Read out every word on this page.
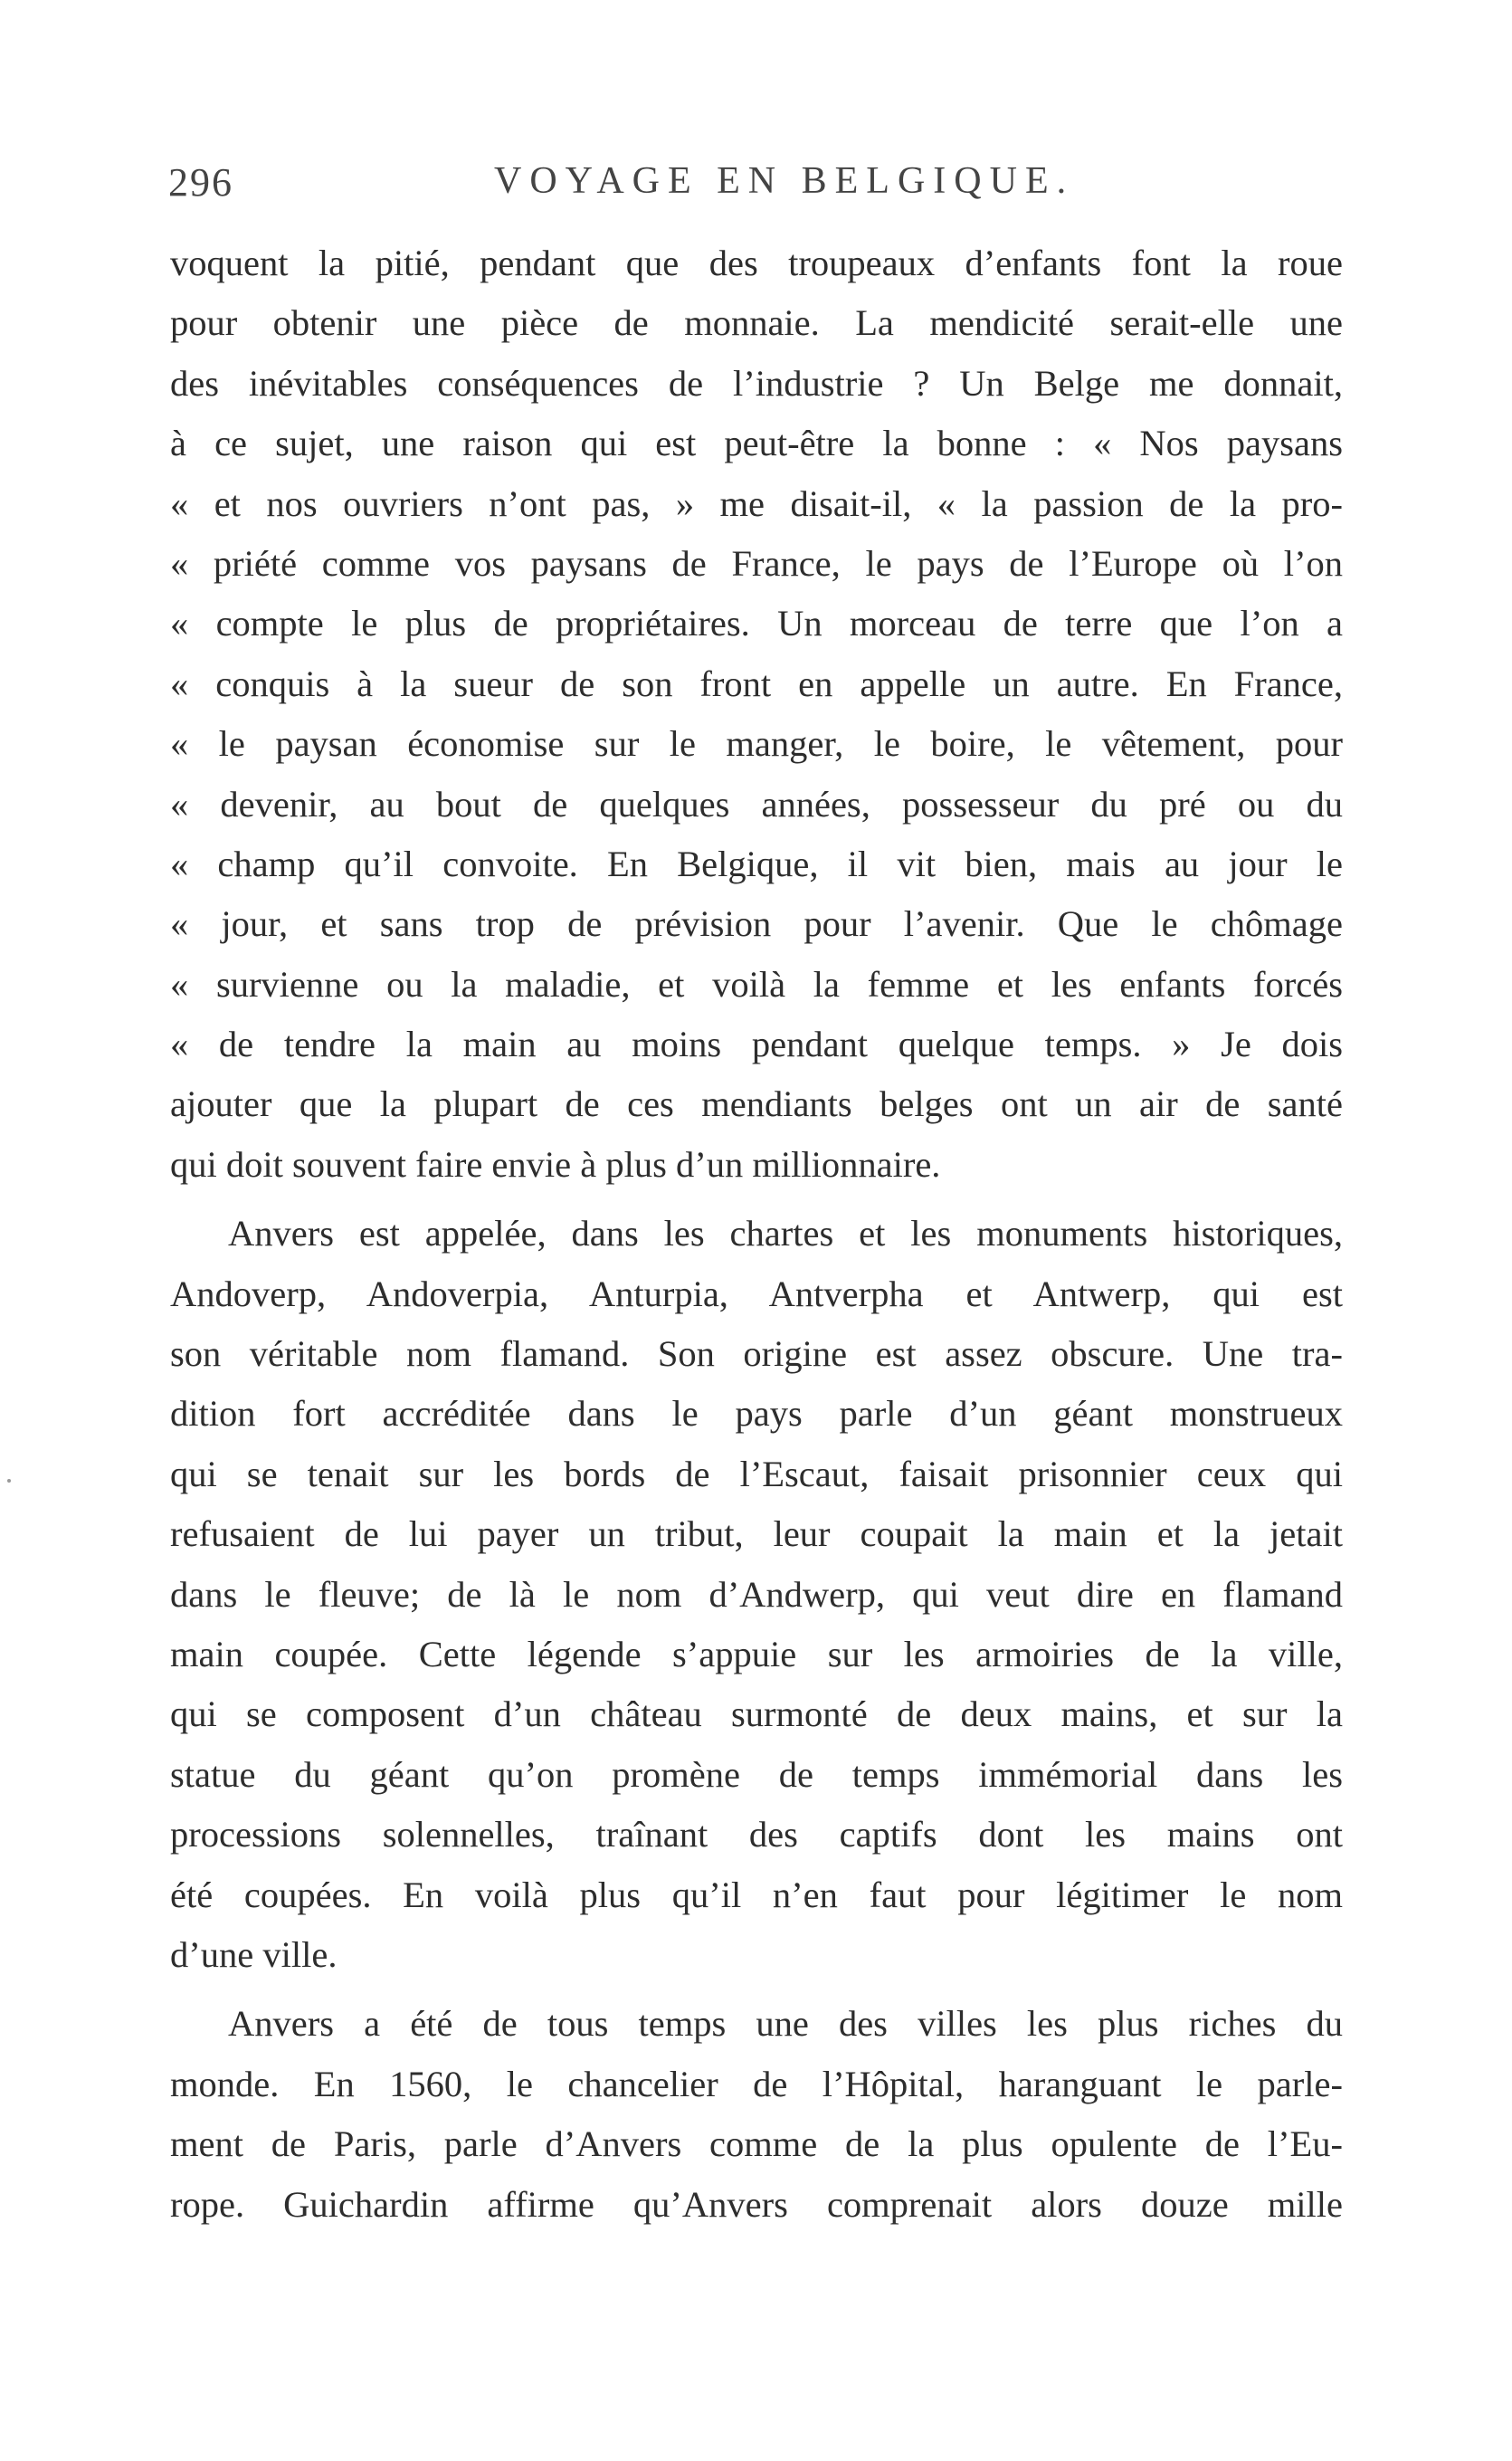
296	VOYAGE EN BELGIQUE.
voquent la pitié, pendant que des troupeaux d’enfants font la roue
pour obtenir une pièce de monnaie. La mendicité serait-elle une
des inévitables conséquences de l’industrie ? Un Belge me donnait,
à ce sujet, une raison qui est peut-être la bonne : « Nos paysans
« et nos ouvriers n’ont pas, » me disait-il, « la passion de la pro-
« priété comme vos paysans de France, le pays de l’Europe où l’on
« compte le plus de propriétaires. Un morceau de terre que l’on a
« conquis à la sueur de son front en appelle un autre. En France,
« le paysan économise sur le manger, le boire, le vêtement, pour
« devenir, au bout de quelques années, possesseur du pré ou du
« champ qu’il convoite. En Belgique, il vit bien, mais au jour le
« jour, et sans trop de prévision pour l’avenir. Que le chômage
« survienne ou la maladie, et voilà la femme et les enfants forcés
« de tendre la main au moins pendant quelque temps. » Je dois
ajouter que la plupart de ces mendiants belges ont un air de santé
qui doit souvent faire envie à plus d’un millionnaire.
Anvers est appelée, dans les chartes et les monuments historiques,
Andoverp, Andoverpia, Anturpia, Antverpha et Antwerp, qui est
son véritable nom flamand. Son origine est assez obscure. Une tra-
dition fort accréditée dans le pays parle d’un géant monstrueux
qui se tenait sur les bords de l’Escaut, faisait prisonnier ceux qui
refusaient de lui payer un tribut, leur coupait la main et la jetait
dans le fleuve; de là le nom d’Andwerp, qui veut dire en flamand
main coupée. Cette légende s’appuie sur les armoiries de la ville,
qui se composent d’un château surmonté de deux mains, et sur la
statue du géant qu’on promène de temps immémorial dans les
processions solennelles, traînant des captifs dont les mains ont
été coupées. En voilà plus qu’il n’en faut pour légitimer le nom
d’une ville.
Anvers a été de tous temps une des villes les plus riches du
monde. En 1560, le chancelier de l’Hôpital, haranguant le parle-
ment de Paris, parle d’Anvers comme de la plus opulente de l’Eu-
rope. Guichardin affirme qu’Anvers comprenait alors douze mille
